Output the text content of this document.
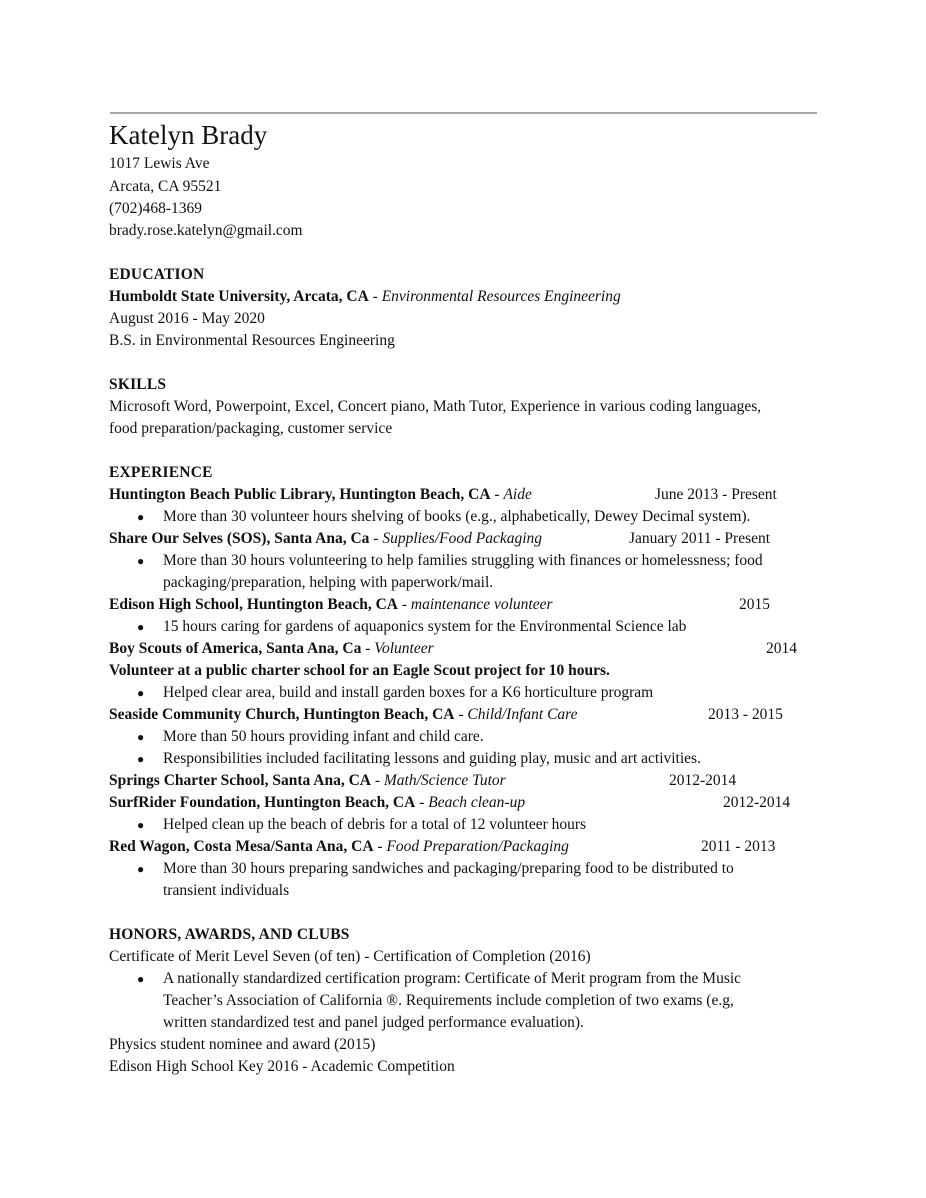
Katelyn Brady
1017 Lewis Ave
Arcata, CA 95521
(702)468-1369
brady.rose.katelyn@gmail.com
EDUCATION
Humboldt State University, Arcata, CA - Environmental Resources Engineering
August 2016 - May 2020
B.S. in Environmental Resources Engineering
SKILLS
Microsoft Word, Powerpoint, Excel, Concert piano, Math Tutor, Experience in various coding languages,
food preparation/packaging, customer service
EXPERIENCE
Huntington Beach Public Library, Huntington Beach, CA - Aide	June 2013 - Present
● More than 30 volunteer hours shelving of books (e.g., alphabetically, Dewey Decimal system).
Share Our Selves (SOS), Santa Ana, Ca - Supplies/Food Packaging	January 2011 - Present
● More than 30 hours volunteering to help families struggling with finances or homelessness; food
packaging/preparation, helping with paperwork/mail.
Edison High School, Huntington Beach, CA - maintenance volunteer	2015
● 15 hours caring for gardens of aquaponics system for the Environmental Science lab
Boy Scouts of America, Santa Ana, Ca - Volunteer	2014
Volunteer at a public charter school for an Eagle Scout project for 10 hours.
● Helped clear area, build and install garden boxes for a K6 horticulture program
Seaside Community Church, Huntington Beach, CA - Child/Infant Care	2013 - 2015
● More than 50 hours providing infant and child care.
● Responsibilities included facilitating lessons and guiding play, music and art activities.
Springs Charter School, Santa Ana, CA - Math/Science Tutor	2012-2014
SurfRider Foundation, Huntington Beach, CA - Beach clean-up	2012-2014
● Helped clean up the beach of debris for a total of 12 volunteer hours
Red Wagon, Costa Mesa/Santa Ana, CA - Food Preparation/Packaging	2011 - 2013
● More than 30 hours preparing sandwiches and packaging/preparing food to be distributed to
transient individuals
HONORS, AWARDS, AND CLUBS
Certificate of Merit Level Seven (of ten) - Certification of Completion (2016)
● A nationally standardized certification program: Certificate of Merit program from the Music
Teacher’s Association of California ®. Requirements include completion of two exams (e.g,
written standardized test and panel judged performance evaluation).
Physics student nominee and award (2015)
Edison High School Key 2016 - Academic Competition
